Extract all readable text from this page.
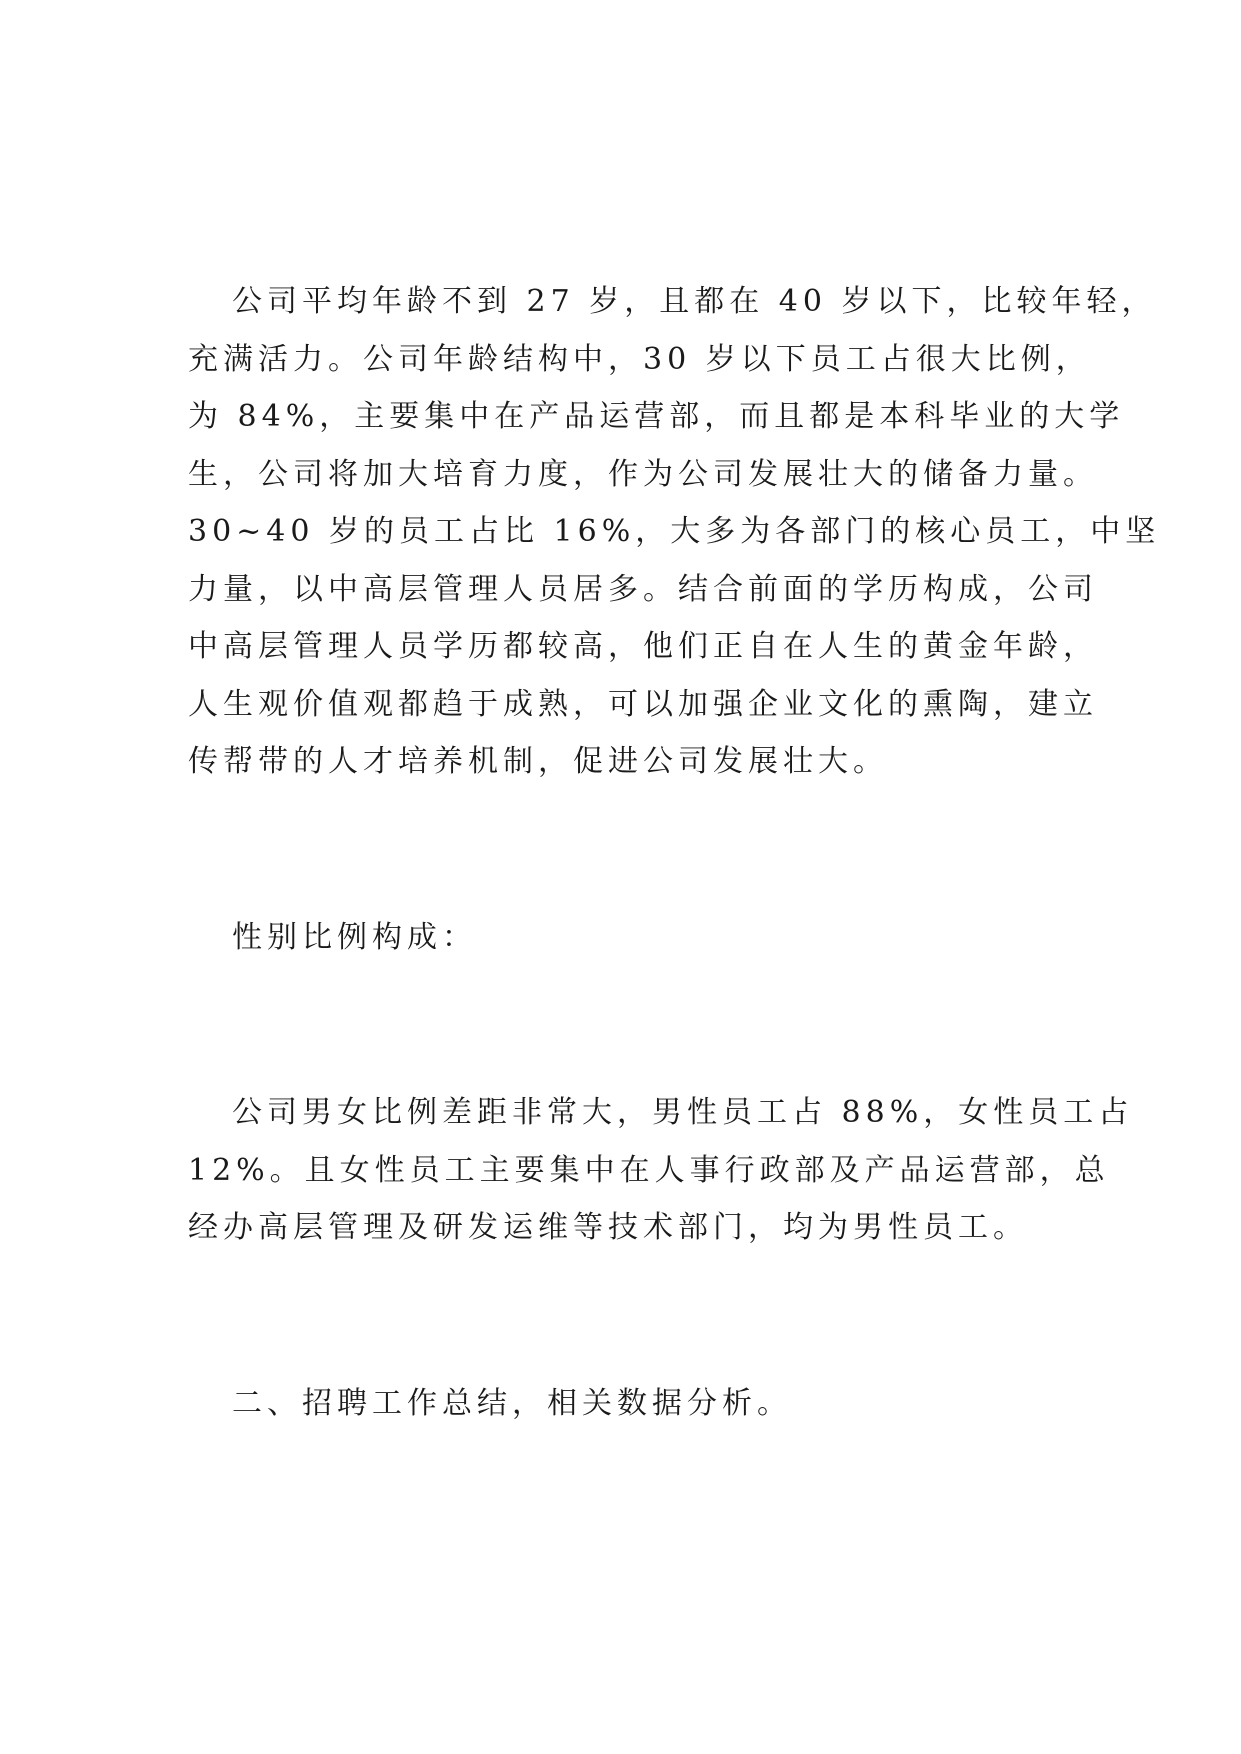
公司平均年龄不到 27 岁，且都在 40 岁以下，比较年轻，
充满活力。公司年龄结构中，30 岁以下员工占很大比例，
为 84%，主要集中在产品运营部，而且都是本科毕业的大学
生，公司将加大培育力度，作为公司发展壮大的储备力量。
30~40 岁的员工占比 16%，大多为各部门的核心员工，中坚
力量，以中高层管理人员居多。结合前面的学历构成，公司
中高层管理人员学历都较高，他们正自在人生的黄金年龄，
人生观价值观都趋于成熟，可以加强企业文化的熏陶，建立
传帮带的人才培养机制，促进公司发展壮大。
性别比例构成：
公司男女比例差距非常大，男性员工占 88%，女性员工占
12%。且女性员工主要集中在人事行政部及产品运营部，总
经办高层管理及研发运维等技术部门，均为男性员工。
二、招聘工作总结，相关数据分析。
